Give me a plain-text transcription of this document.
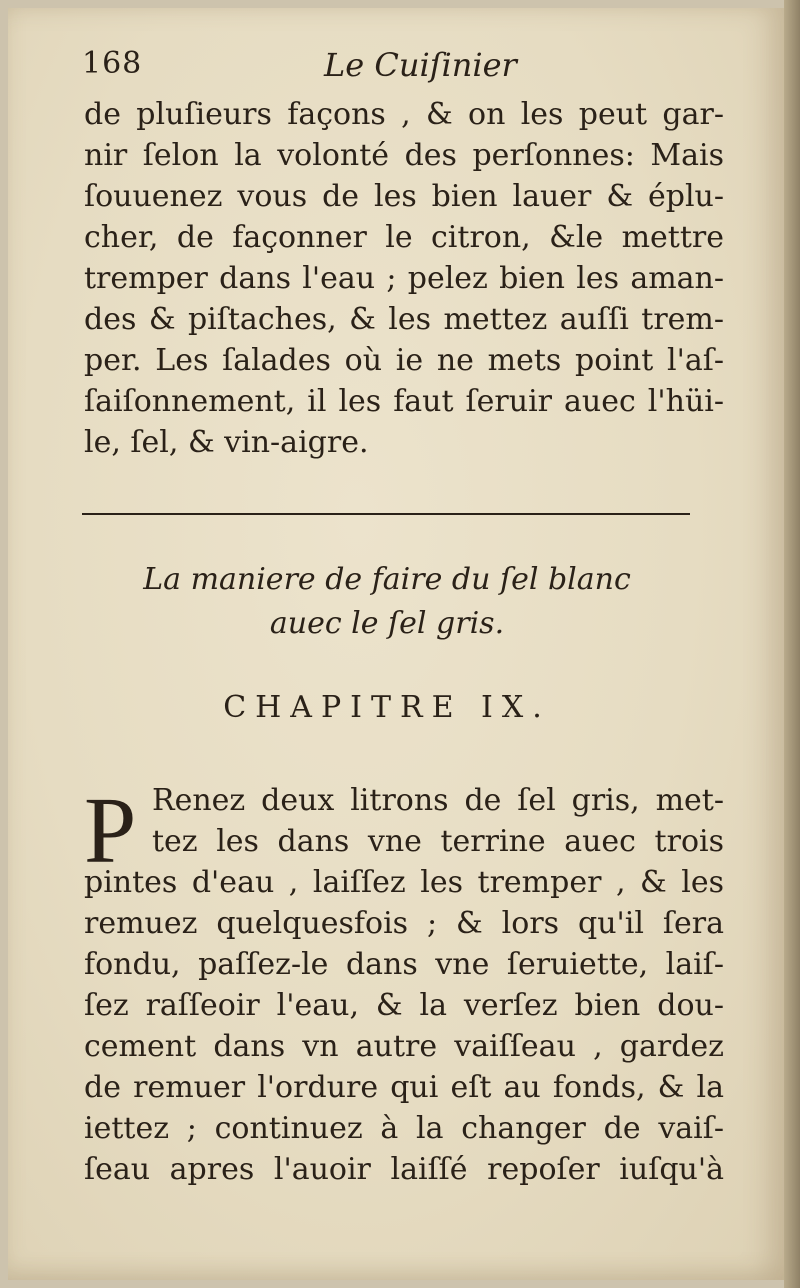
168	Le Cuiſinier
de pluſieurs façons , & on les peut gar-
nir ſelon la volonté des perſonnes: Mais
ſouuenez vous de les bien lauer & éplu-
cher, de façonner le citron, &le mettre
tremper dans l'eau ; pelez bien les aman-
des & piſtaches, & les mettez auſſi trem-
per. Les ſalades où ie ne mets point l'aſ-
ſaiſonnement, il les faut ſeruir auec l'hüi-
le, ſel, & vin-aigre.
La maniere de faire du ſel blanc
auec le ſel gris.
CHAPITRE IX.
P Renez deux litrons de ſel gris, met-
tez les dans vne terrine auec trois
pintes d'eau , laiſſez les tremper , & les
remuez quelquesfois ; & lors qu'il ſera
fondu, paſſez-le dans vne ſeruiette, laiſ-
ſez raſſeoir l'eau, & la verſez bien dou-
cement dans vn autre vaiſſeau , gardez
de remuer l'ordure qui eſt au fonds, & la
iettez ; continuez à la changer de vaiſ-
ſeau apres l'auoir laiſſé repoſer iuſqu'à
